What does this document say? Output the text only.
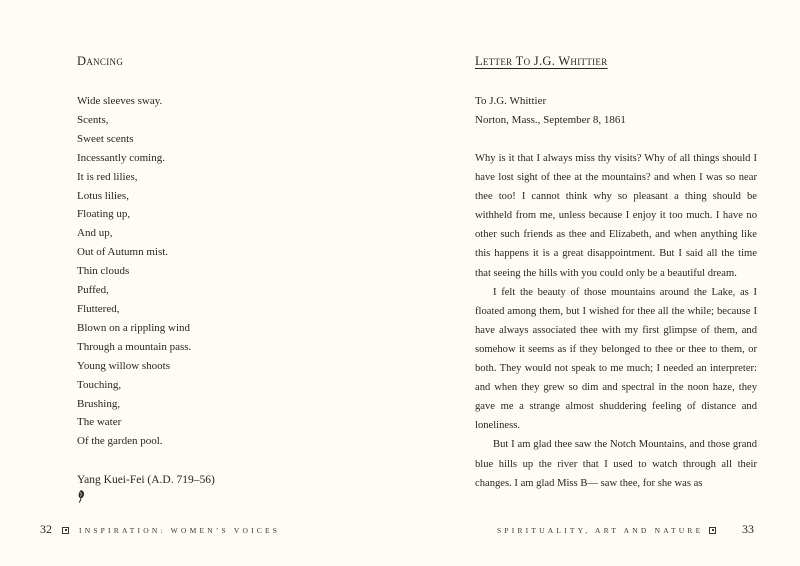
Dancing
Wide sleeves sway.
Scents,
Sweet scents
Incessantly coming.
It is red lilies,
Lotus lilies,
Floating up,
And up,
Out of Autumn mist.
Thin clouds
Puffed,
Fluttered,
Blown on a rippling wind
Through a mountain pass.
Young willow shoots
Touching,
Brushing,
The water
Of the garden pool.
Yang Kuei-Fei (A.D. 719–56)
32	INSPIRATION: WOMEN’S VOICES
Letter To J.G. Whittier
To J.G. Whittier
Norton, Mass., September 8, 1861

Why is it that I always miss thy visits? Why of all things should I have lost sight of thee at the mountains? and when I was so near thee too! I cannot think why so pleasant a thing should be withheld from me, unless because I enjoy it too much. I have no other such friends as thee and Elizabeth, and when anything like this happens it is a great disappointment. But I said all the time that seeing the hills with you could only be a beautiful dream.

I felt the beauty of those mountains around the Lake, as I floated among them, but I wished for thee all the while; because I have always associated thee with my first glimpse of them, and somehow it seems as if they belonged to thee or thee to them, or both. They would not speak to me much; I needed an interpreter: and when they grew so dim and spectral in the noon haze, they gave me a strange almost shuddering feeling of distance and loneliness.

But I am glad thee saw the Notch Mountains, and those grand blue hills up the river that I used to watch through all their changes. I am glad Miss B— saw thee, for she was as

SPIRITUALITY, ART AND NATURE	33
